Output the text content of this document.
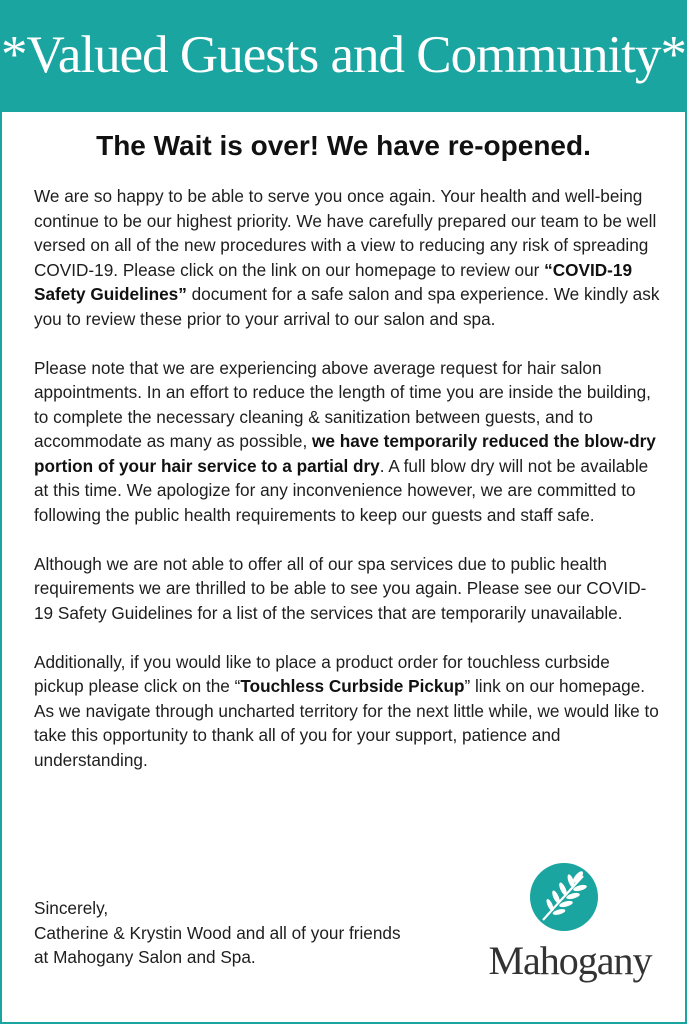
*Valued Guests and Community*
The Wait is over! We have re-opened.

We are so happy to be able to serve you once again. Your health and well-being continue to be our highest priority. We have carefully prepared our team to be well versed on all of the new procedures with a view to reducing any risk of spreading COVID-19. Please click on the link on our homepage to review our “COVID-19 Safety Guidelines” document for a safe salon and spa experience. We kindly ask you to review these prior to your arrival to our salon and spa.

Please note that we are experiencing above average request for hair salon appointments. In an effort to reduce the length of time you are inside the building, to complete the necessary cleaning & sanitization between guests, and to accommodate as many as possible, we have temporarily reduced the blow-dry portion of your hair service to a partial dry. A full blow dry will not be available at this time. We apologize for any inconvenience however, we are committed to following the public health requirements to keep our guests and staff safe.

Although we are not able to offer all of our spa services due to public health requirements we are thrilled to be able to see you again. Please see our COVID-19 Safety Guidelines for a list of the services that are temporarily unavailable.

Additionally, if you would like to place a product order for touchless curbside pickup please click on the “Touchless Curbside Pickup” link on our homepage. As we navigate through uncharted territory for the next little while, we would like to take this opportunity to thank all of you for your support, patience and understanding.

Sincerely,
Catherine & Krystin Wood and all of your friends
at Mahogany Salon and Spa.	Mahogany
